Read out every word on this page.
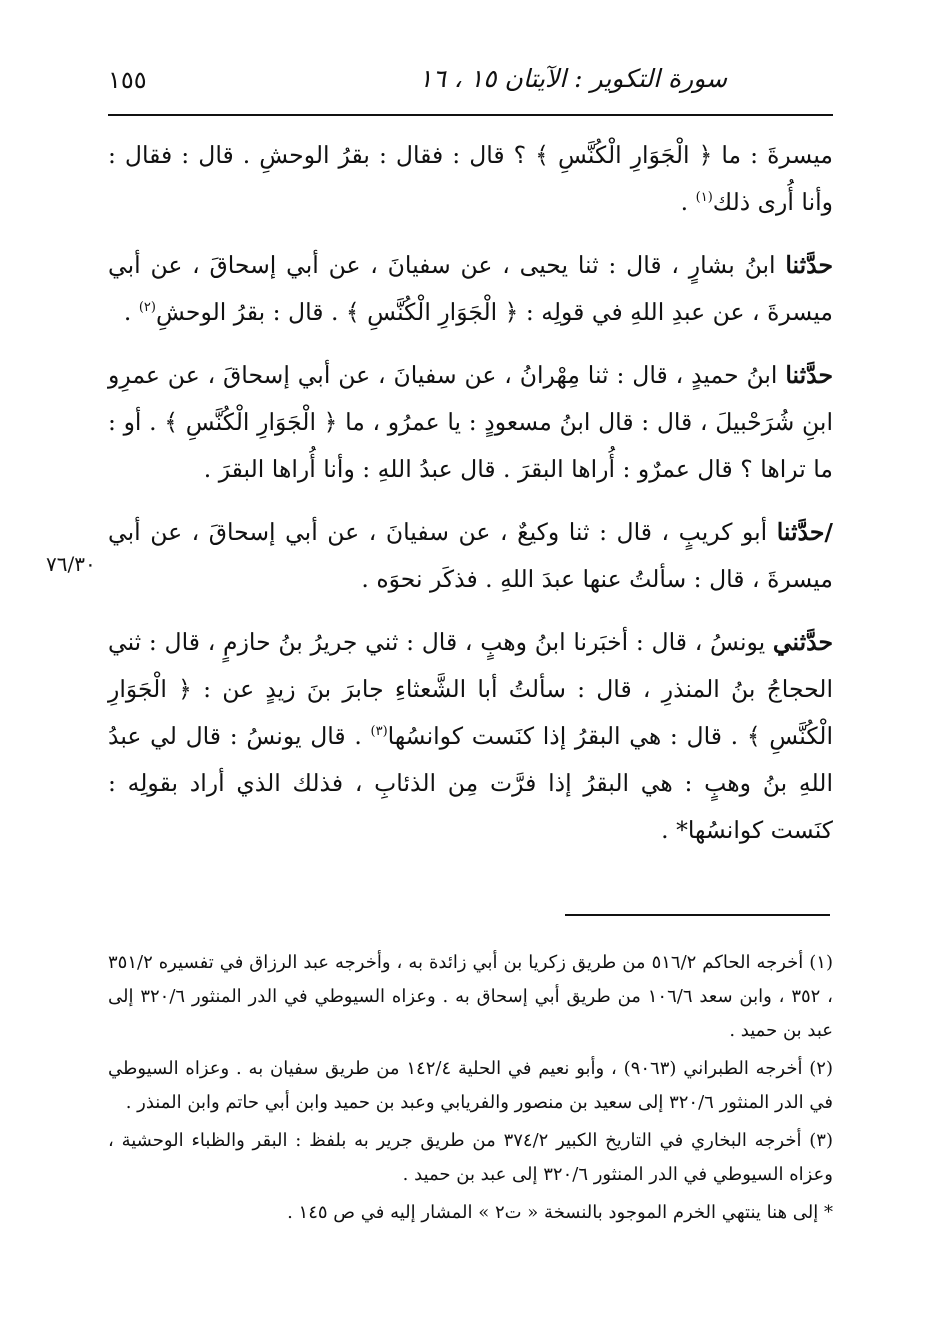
سورة التكوير : الآيتان ١٥ ، ١٦
١٥٥
٧٦/٣٠

ميسرةَ : ما ﴿ الْجَوَارِ الْكُنَّسِ ﴾ ؟ قال : فقال : بقرُ الوحشِ . قال : فقال : وأنا أُرى ذلك$^{(١)}$ .

حدَّثنا ابنُ بشارٍ ، قال : ثنا يحيى ، عن سفيانَ ، عن أبي إسحاقَ ، عن أبي ميسرةَ ، عن عبدِ اللهِ في قولِه : ﴿ الْجَوَارِ الْكُنَّسِ ﴾ . قال : بقرُ الوحشِ$^{(٢)}$ .

حدَّثنا ابنُ حميدٍ ، قال : ثنا مِهْرانُ ، عن سفيانَ ، عن أبي إسحاقَ ، عن عمرِو ابنِ شُرَحْبيلَ ، قال : قال ابنُ مسعودٍ : يا عمرُو ، ما ﴿ الْجَوَارِ الْكُنَّسِ ﴾ . أو : ما تراها ؟ قال عمرٌو : أُراها البقرَ . قال عبدُ اللهِ : وأنا أُراها البقرَ .

/حدَّثنا أبو كريبٍ ، قال : ثنا وكيعٌ ، عن سفيانَ ، عن أبي إسحاقَ ، عن أبي ميسرةَ ، قال : سألتُ عنها عبدَ اللهِ . فذكَر نحوَه .

حدَّثني يونسُ ، قال : أخبَرنا ابنُ وهبٍ ، قال : ثني جريرُ بنُ حازمٍ ، قال : ثني الحجاجُ بنُ المنذرِ ، قال : سألتُ أبا الشَّعثاءِ جابرَ بنَ زيدٍ عن : ﴿ الْجَوَارِ الْكُنَّسِ ﴾ . قال : هي البقرُ إذا كنَست كوانسُها$^{(٣)}$ . قال يونسُ : قال لي عبدُ اللهِ بنُ وهبٍ : هي البقرُ إذا فرَّت مِن الذئابِ ، فذلك الذي أراد بقولِه : كنَست كوانسُها* .

(١) أخرجه الحاكم ٥١٦/٢ من طريق زكريا بن أبي زائدة به ، وأخرجه عبد الرزاق في تفسيره ٣٥١/٢ ، ٣٥٢ ، وابن سعد ١٠٦/٦ من طريق أبي إسحاق به . وعزاه السيوطي في الدر المنثور ٣٢٠/٦ إلى عبد بن حميد .

(٢) أخرجه الطبراني (٩٠٦٣) ، وأبو نعيم في الحلية ١٤٢/٤ من طريق سفيان به . وعزاه السيوطي في الدر المنثور ٣٢٠/٦ إلى سعيد بن منصور والفريابي وعبد بن حميد وابن أبي حاتم وابن المنذر .

(٣) أخرجه البخاري في التاريخ الكبير ٣٧٤/٢ من طريق جرير به بلفظ : البقر والظباء الوحشية ، وعزاه السيوطي في الدر المنثور ٣٢٠/٦ إلى عبد بن حميد .

* إلى هنا ينتهي الخرم الموجود بالنسخة « ت٢ » المشار إليه في ص ١٤٥ .
